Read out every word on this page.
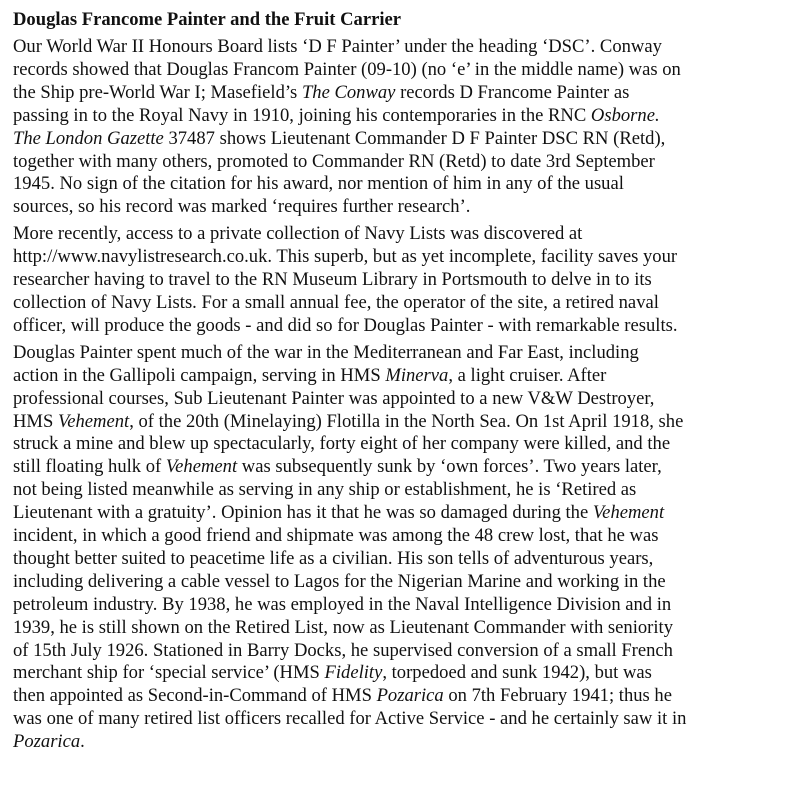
Douglas Francome Painter and the Fruit Carrier

Our World War II Honours Board lists ‘D F Painter’ under the heading ‘DSC’. Conway
records showed that Douglas Francom Painter (09-10) (no ‘e’ in the middle name) was on
the Ship pre-World War I; Masefield’s The Conway records D Francome Painter as
passing in to the Royal Navy in 1910, joining his contemporaries in the RNC Osborne.
The London Gazette 37487 shows Lieutenant Commander D F Painter DSC RN (Retd),
together with many others, promoted to Commander RN (Retd) to date 3rd September
1945. No sign of the citation for his award, nor mention of him in any of the usual
sources, so his record was marked ‘requires further research’.

More recently, access to a private collection of Navy Lists was discovered at
http://www.navylistresearch.co.uk. This superb, but as yet incomplete, facility saves your
researcher having to travel to the RN Museum Library in Portsmouth to delve in to its
collection of Navy Lists. For a small annual fee, the operator of the site, a retired naval
officer, will produce the goods - and did so for Douglas Painter - with remarkable results.

Douglas Painter spent much of the war in the Mediterranean and Far East, including
action in the Gallipoli campaign, serving in HMS Minerva, a light cruiser. After
professional courses, Sub Lieutenant Painter was appointed to a new V&W Destroyer,
HMS Vehement, of the 20th (Minelaying) Flotilla in the North Sea. On 1st April 1918, she
struck a mine and blew up spectacularly, forty eight of her company were killed, and the
still floating hulk of Vehement was subsequently sunk by ‘own forces’. Two years later,
not being listed meanwhile as serving in any ship or establishment, he is ‘Retired as
Lieutenant with a gratuity’. Opinion has it that he was so damaged during the Vehement
incident, in which a good friend and shipmate was among the 48 crew lost, that he was
thought better suited to peacetime life as a civilian. His son tells of adventurous years,
including delivering a cable vessel to Lagos for the Nigerian Marine and working in the
petroleum industry. By 1938, he was employed in the Naval Intelligence Division and in
1939, he is still shown on the Retired List, now as Lieutenant Commander with seniority
of 15th July 1926. Stationed in Barry Docks, he supervised conversion of a small French
merchant ship for ‘special service’ (HMS Fidelity, torpedoed and sunk 1942), but was
then appointed as Second-in-Command of HMS Pozarica on 7th February 1941; thus he
was one of many retired list officers recalled for Active Service - and he certainly saw it in
Pozarica.
